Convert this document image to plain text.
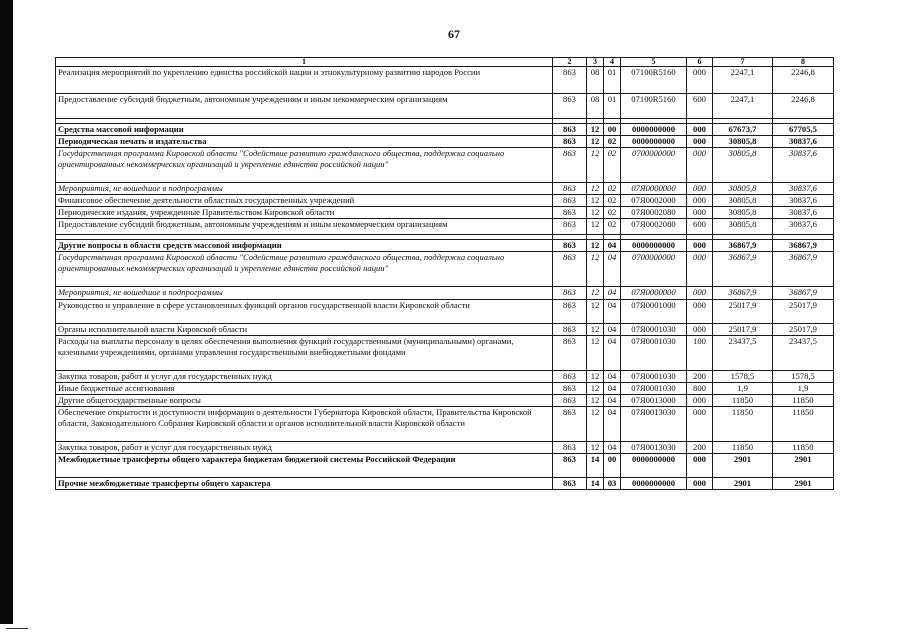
67
1	2	3	4	5	6	7	8
Реализация мероприятий по укреплению единства российской нации и этнокультурному развитию народов России	863	08	01	07100R5160	000	2247,1	2246,8
Предоставление субсидий бюджетным, автономным учреждениям и иным некоммерческим организациям	863	08	01	07100R5160	600	2247,1	2246,8

Средства массовой информации	863	12	00	0000000000	000	67673,7	67705,5
Периодическая печать и издательства	863	12	02	0000000000	000	30805,8	30837,6
Государственная программа Кировской области "Содействие развитию гражданского общества, поддержка социально ориентированных некоммерческих организаций и укрепление единства российской нации"	863	12	02	0700000000	000	30805,8	30837,6
Мероприятия, не вошедшие в подпрограммы	863	12	02	07Я0000000	000	30805,8	30837,6
Финансовое обеспечение деятельности областных государственных учреждений	863	12	02	07Я0002000	000	30805,8	30837,6
Периодические издания, учрежденные Правительством Кировской области	863	12	02	07Я0002080	000	30805,8	30837,6
Предоставление субсидий бюджетным, автономным учреждениям и иным некоммерческим организациям	863	12	02	07Я0002080	600	30805,8	30837,6

Другие вопросы в области средств массовой информации	863	12	04	0000000000	000	36867,9	36867,9
Государственная программа Кировской области "Содействие развитию гражданского общества, поддержка социально ориентированных некоммерческих организаций и укрепление единства российской нации"	863	12	04	0700000000	000	36867,9	36867,9
Мероприятия, не вошедшие в подпрограммы	863	12	04	07Я0000000	000	36867,9	36867,9
Руководство и управление в сфере установленных функций органов государственной власти Кировской области	863	12	04	07Я0001000	000	25017,9	25017,9
Органы исполнительной власти Кировской области	863	12	04	07Я0001030	000	25017,9	25017,9
Расходы на выплаты персоналу в целях обеспечения выполнения функций государственными (муниципальными) органами, казенными учреждениями, органами управления государственными внебюджетными фондами	863	12	04	07Я0001030	100	23437,5	23437,5
Закупка товаров, работ и услуг для государственных нужд	863	12	04	07Я0001030	200	1578,5	1578,5
Иные бюджетные ассигнования	863	12	04	07Я0001030	800	1,9	1,9
Другие общегосударственные вопросы	863	12	04	07Я0013000	000	11850	11850
Обеспечение открытости и доступности информации о деятельности Губернатора Кировской области, Правительства Кировской области, Законодательного Собрания Кировской области и органов исполнительной власти Кировской области	863	12	04	07Я0013030	000	11850	11850
Закупка товаров, работ и услуг для государственных нужд	863	12	04	07Я0013030	200	11850	11850
Межбюджетные трансферты общего характера бюджетам бюджетной системы Российской Федерации	863	14	00	0000000000	000	2901	2901
Прочие межбюджетные трансферты общего характера	863	14	03	0000000000	000	2901	2901
